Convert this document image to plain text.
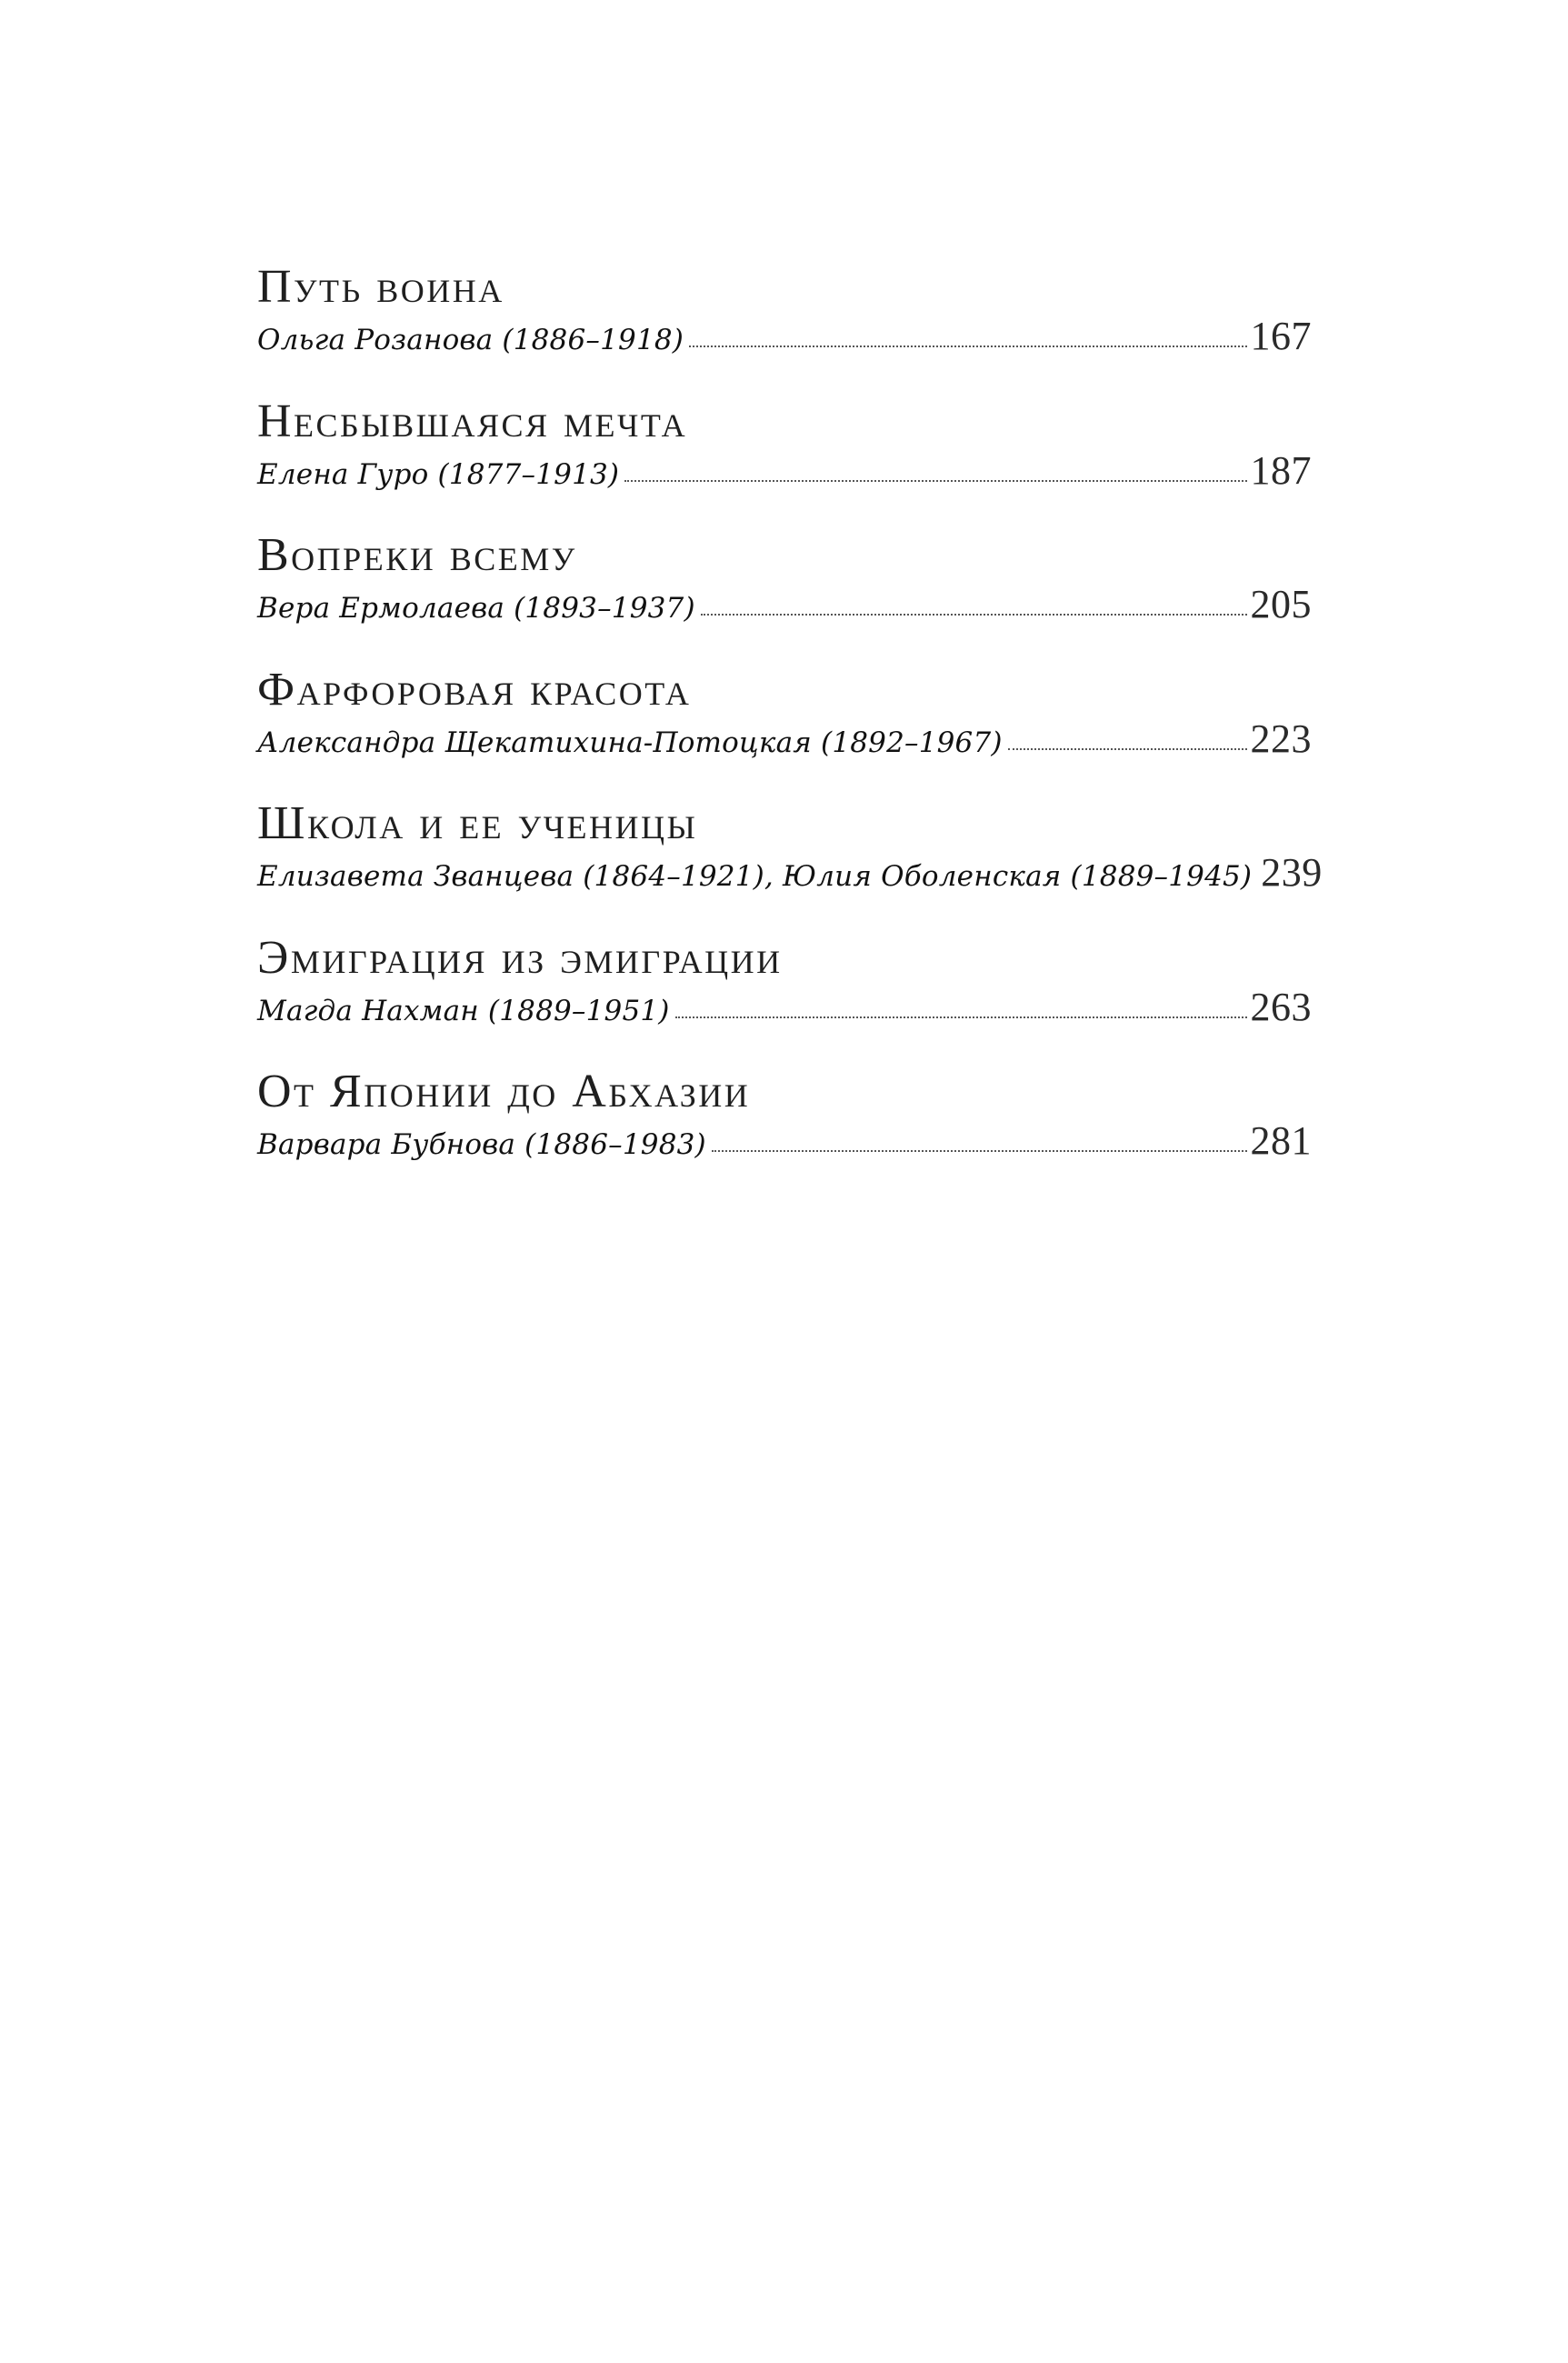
Путь воина
Ольга Розанова (1886–1918)	167
Несбывшаяся мечта
Елена Гуро (1877–1913)	187
Вопреки всему
Вера Ермолаева (1893–1937)	205
Фарфоровая красота
Александра Щекатихина-Потоцкая (1892–1967)	223
Школа и ее ученицы
Елизавета Званцева (1864–1921), Юлия Оболенская (1889–1945) 239
Эмиграция из эмиграции
Магда Нахман (1889–1951)	263
От Японии до Абхазии
Варвара Бубнова (1886–1983)	281
